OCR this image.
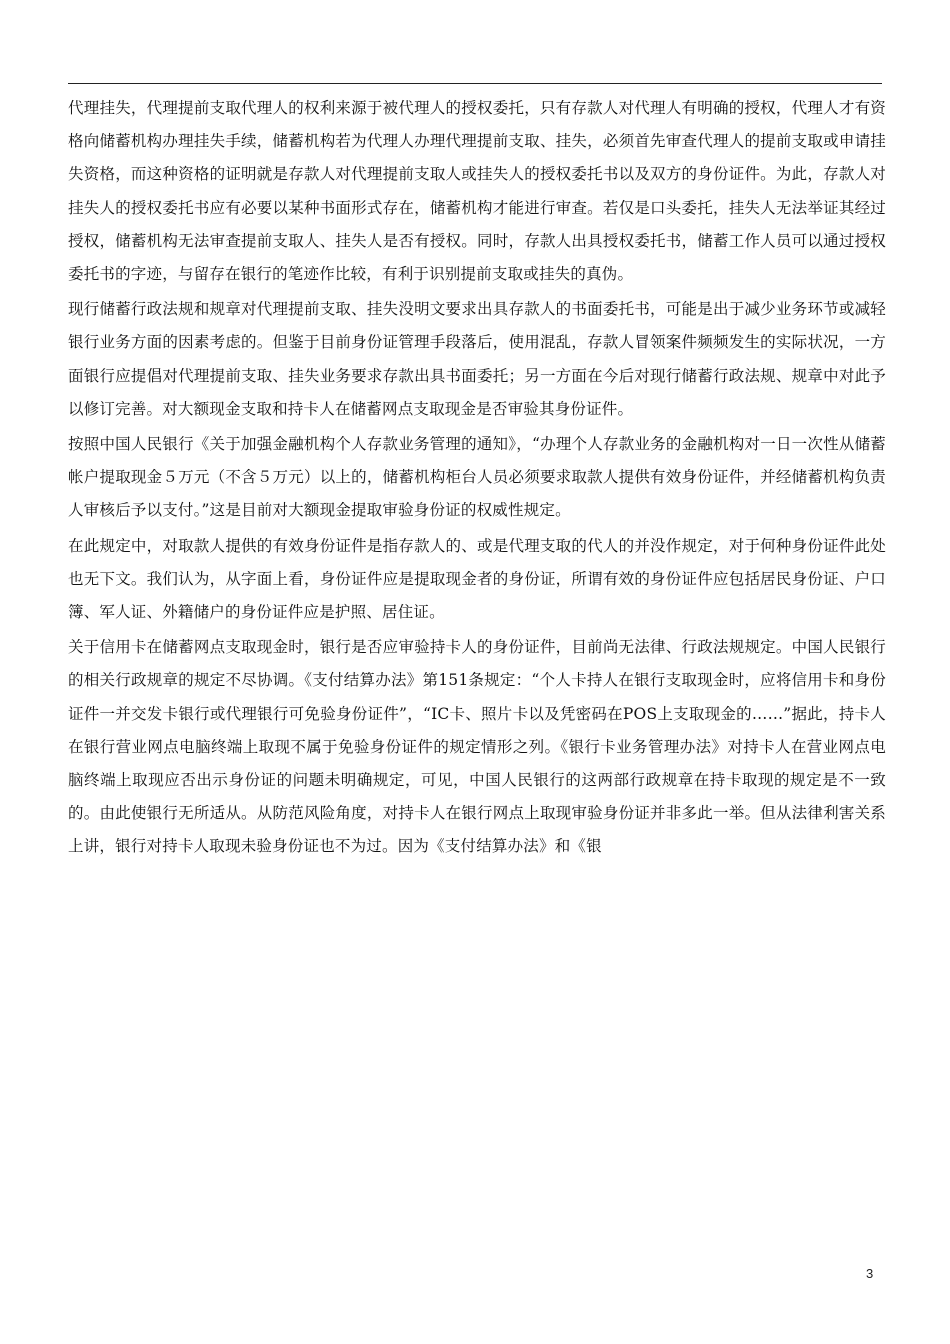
代理挂失，代理提前支取代理人的权利来源于被代理人的授权委托，只有存款人对代理人有明确的授权，代理人才有资格向储蓄机构办理挂失手续，储蓄机构若为代理人办理代理提前支取、挂失，必须首先审查代理人的提前支取或申请挂失资格，而这种资格的证明就是存款人对代理提前支取人或挂失人的授权委托书以及双方的身份证件。为此，存款人对挂失人的授权委托书应有必要以某种书面形式存在，储蓄机构才能进行审查。若仅是口头委托，挂失人无法举证其经过授权，储蓄机构无法审查提前支取人、挂失人是否有授权。同时，存款人出具授权委托书，储蓄工作人员可以通过授权委托书的字迹，与留存在银行的笔迹作比较，有利于识别提前支取或挂失的真伪。

现行储蓄行政法规和规章对代理提前支取、挂失没明文要求出具存款人的书面委托书，可能是出于减少业务环节或减轻银行业务方面的因素考虑的。但鉴于目前身份证管理手段落后，使用混乱，存款人冒领案件频频发生的实际状况，一方面银行应提倡对代理提前支取、挂失业务要求存款出具书面委托；另一方面在今后对现行储蓄行政法规、规章中对此予以修订完善。对大额现金支取和持卡人在储蓄网点支取现金是否审验其身份证件。

按照中国人民银行《关于加强金融机构个人存款业务管理的通知》，“办理个人存款业务的金融机构对一日一次性从储蓄帐户提取现金５万元（不含５万元）以上的，储蓄机构柜台人员必须要求取款人提供有效身份证件，并经储蓄机构负责人审核后予以支付。”这是目前对大额现金提取审验身份证的权威性规定。

在此规定中，对取款人提供的有效身份证件是指存款人的、或是代理支取的代人的并没作规定，对于何种身份证件此处也无下文。我们认为，从字面上看，身份证件应是提取现金者的身份证，所谓有效的身份证件应包括居民身份证、户口簿、军人证、外籍储户的身份证件应是护照、居住证。

关于信用卡在储蓄网点支取现金时，银行是否应审验持卡人的身份证件，目前尚无法律、行政法规规定。中国人民银行的相关行政规章的规定不尽协调。《支付结算办法》第151条规定：“个人卡持人在银行支取现金时，应将信用卡和身份证件一并交发卡银行或代理银行可免验身份证件”，“IC卡、照片卡以及凭密码在POS上支取现金的……”据此，持卡人在银行营业网点电脑终端上取现不属于免验身份证件的规定情形之列。《银行卡业务管理办法》对持卡人在营业网点电脑终端上取现应否出示身份证的问题未明确规定，可见，中国人民银行的这两部行政规章在持卡取现的规定是不一致的。由此使银行无所适从。从防范风险角度，对持卡人在银行网点上取现审验身份证并非多此一举。但从法律利害关系上讲，银行对持卡人取现未验身份证也不为过。因为《支付结算办法》和《银

3
